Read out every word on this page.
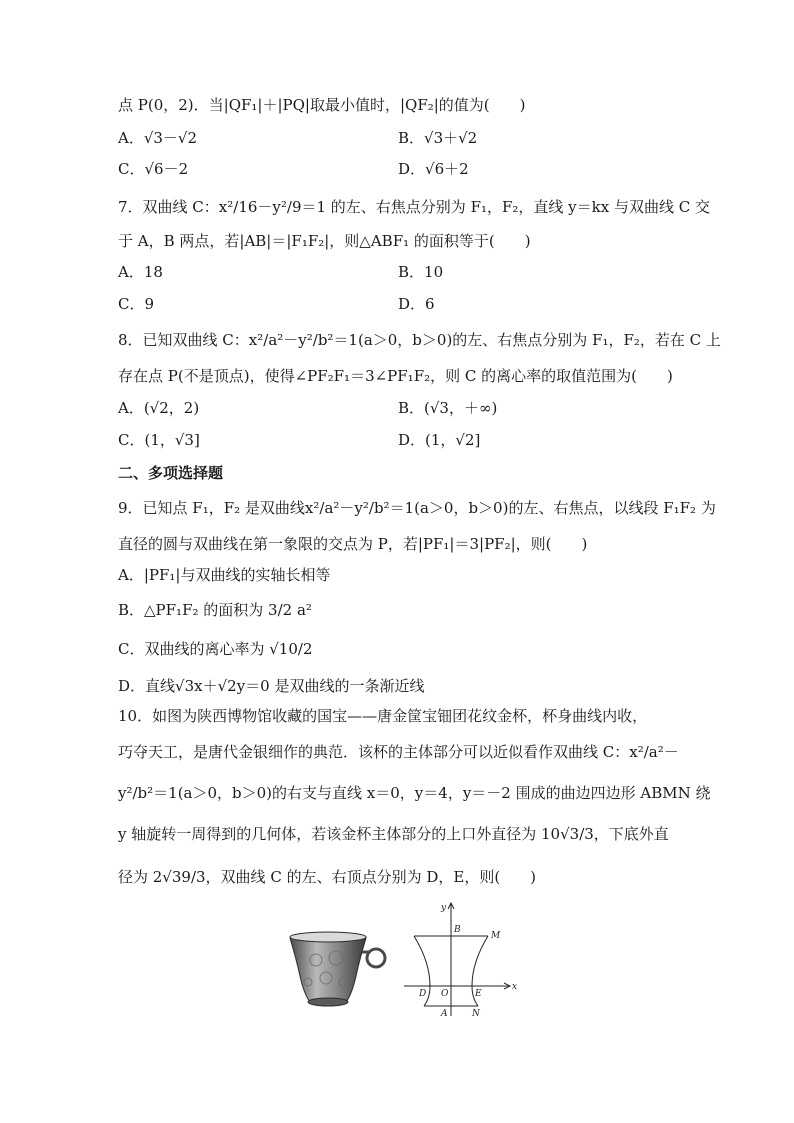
点 P(0，2)．当|QF₁|＋|PQ|取最小值时，|QF₂|的值为(　　)
A．√3－√2	B．√3＋√2
C．√6－2	D．√6＋2
7．双曲线 C：x²/16－y²/9＝1 的左、右焦点分别为 F₁，F₂，直线 y＝kx 与双曲线 C 交
于 A，B 两点，若|AB|＝|F₁F₂|，则△ABF₁ 的面积等于(　　)
A．18	B．10
C．9	D．6
8．已知双曲线 C：x²/a²－y²/b²＝1(a＞0，b＞0)的左、右焦点分别为 F₁，F₂，若在 C 上
存在点 P(不是顶点)，使得∠PF₂F₁＝3∠PF₁F₂，则 C 的离心率的取值范围为(　　)
A．(√2，2)	B．(√3，＋∞)
C．(1，√3]	D．(1，√2]
二、多项选择题
9．已知点 F₁，F₂ 是双曲线x²/a²－y²/b²＝1(a＞0，b＞0)的左、右焦点，以线段 F₁F₂ 为
直径的圆与双曲线在第一象限的交点为 P，若|PF₁|＝3|PF₂|，则(　　)
A．|PF₁|与双曲线的实轴长相等
B．△PF₁F₂ 的面积为 3/2 a²
C．双曲线的离心率为 √10/2
D．直线√3x＋√2y＝0 是双曲线的一条渐近线
10．如图为陕西博物馆收藏的国宝——唐金筐宝钿团花纹金杯，杯身曲线内收，
巧夺天工，是唐代金银细作的典范．该杯的主体部分可以近似看作双曲线 C：x²/a²－
y²/b²＝1(a＞0，b＞0)的右支与直线 x＝0，y＝4，y＝－2 围成的曲边四边形 ABMN 绕
y 轴旋转一周得到的几何体，若该金杯主体部分的上口外直径为 10√3/3，下底外直
径为 2√39/3，双曲线 C 的左、右顶点分别为 D，E，则(　　)
y
x
B
M
D O	E
A	N
